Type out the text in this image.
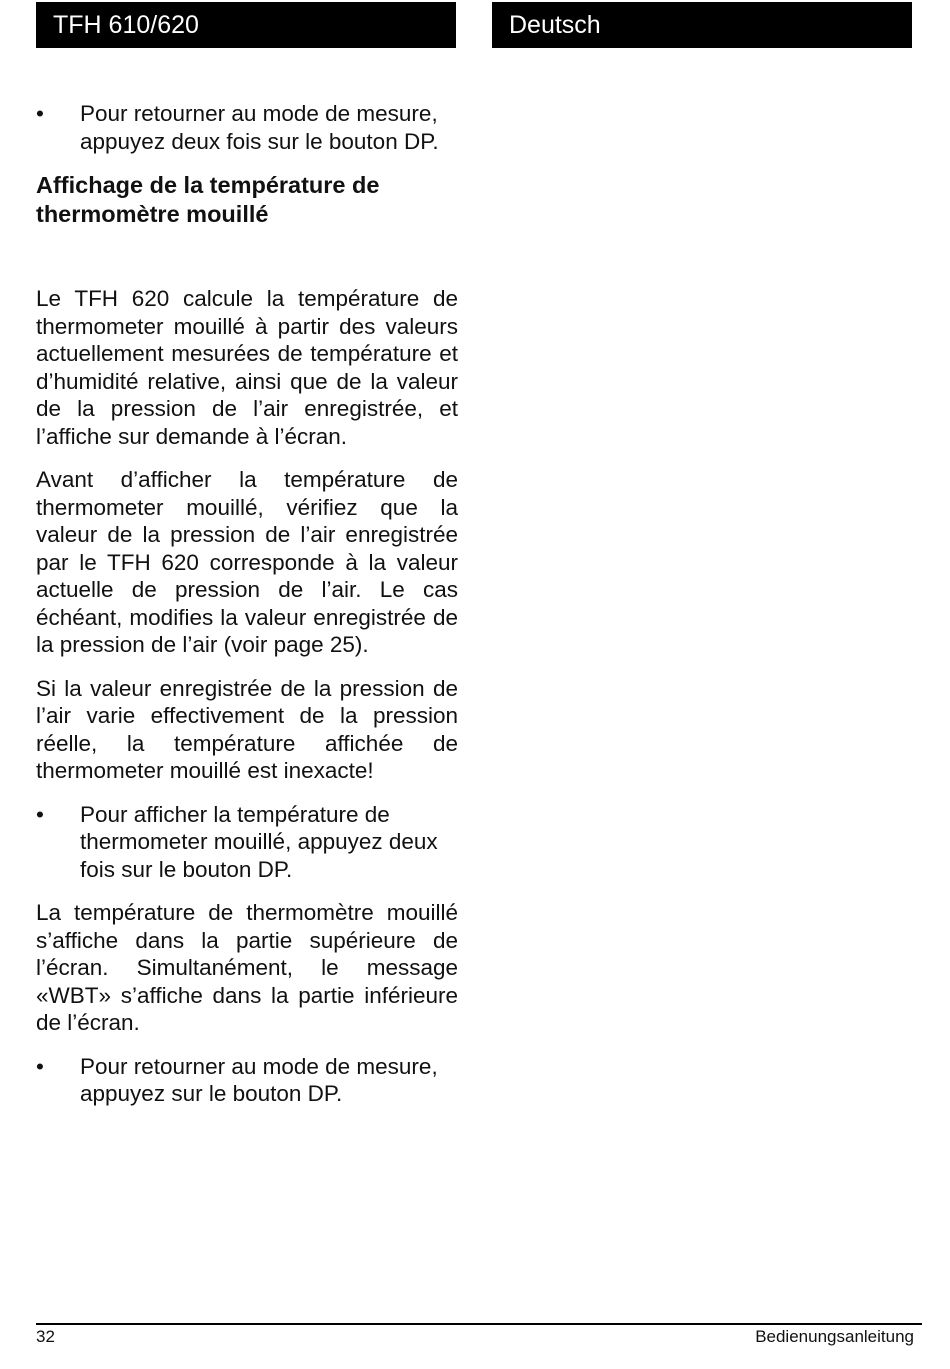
TFH 610/620	Deutsch
• Pour retourner au mode de mesure, appuyez deux fois sur le bouton DP.
Affichage de la température de thermomètre mouillé

Le TFH 620 calcule la température de thermometer mouillé à partir des valeurs actuellement mesurées de température et d’humidité relative, ainsi que de la valeur de la pression de l’air enregistrée, et l’affiche sur demande à l’écran.

Avant d’afficher la température de thermometer mouillé, vérifiez que la valeur de la pression de l’air enregistrée par le TFH 620 corresponde à la valeur actuelle de pression de l’air. Le cas échéant, modifies la valeur enregistrée de la pression de l’air (voir page 25).

Si la valeur enregistrée de la pression de l’air varie effectivement de la pression réelle, la température affichée de thermometer mouillé est inexacte!

• Pour afficher la température de thermometer mouillé, appuyez deux fois sur le bouton DP.

La température de thermomètre mouillé s’affiche dans la partie supérieure de l’écran. Simultanément, le message «WBT» s’affiche dans la partie inférieure de l’écran.

• Pour retourner au mode de mesure, appuyez sur le bouton DP.
32	Bedienungsanleitung
